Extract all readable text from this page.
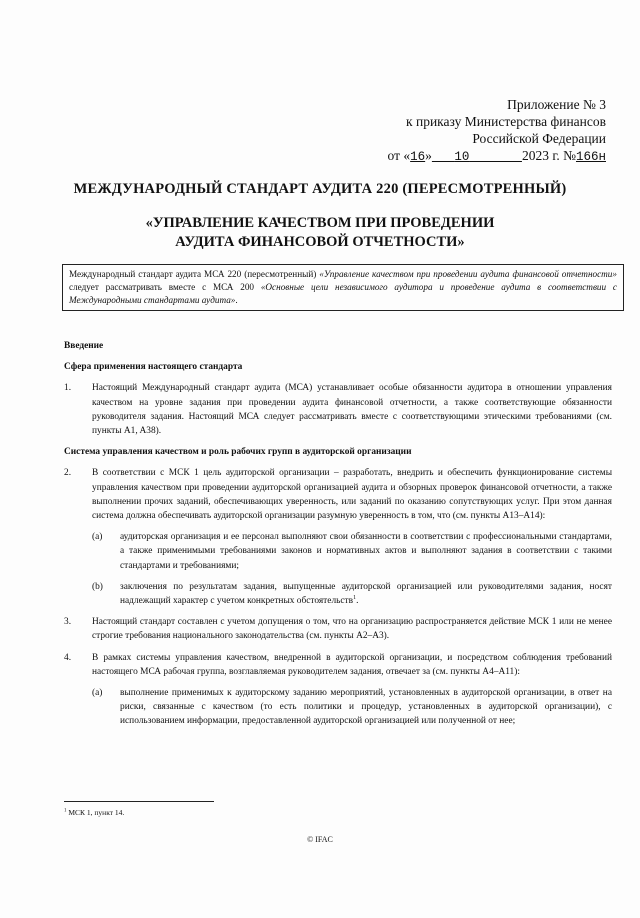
Приложение № 3
к приказу Министерства финансов
Российской Федерации
от «16» 10	2023 г. №166н
МЕЖДУНАРОДНЫЙ СТАНДАРТ АУДИТА 220 (ПЕРЕСМОТРЕННЫЙ)
«УПРАВЛЕНИЕ КАЧЕСТВОМ ПРИ ПРОВЕДЕНИИ
АУДИТА ФИНАНСОВОЙ ОТЧЕТНОСТИ»
Международный стандарт аудита МСА 220 (пересмотренный) «Управление качеством при проведении аудита финансовой отчетности» следует рассматривать вместе с МСА 200 «Основные цели независимого аудитора и проведение аудита в соответствии с Международными стандартами аудита».
Введение
Сфера применения настоящего стандарта
1.	Настоящий Международный стандарт аудита (МСА) устанавливает особые обязанности аудитора в отношении управления качеством на уровне задания при проведении аудита финансовой отчетности, а также соответствующие обязанности руководителя задания. Настоящий МСА следует рассматривать вместе с соответствующими этическими требованиями (см. пункты A1, A38).
Система управления качеством и роль рабочих групп в аудиторской организации
2.	В соответствии с МСК 1 цель аудиторской организации – разработать, внедрить и обеспечить функционирование системы управления качеством при проведении аудиторской организацией аудита и обзорных проверок финансовой отчетности, а также выполнении прочих заданий, обеспечивающих уверенность, или заданий по оказанию сопутствующих услуг. При этом данная система должна обеспечивать аудиторской организации разумную уверенность в том, что (см. пункты A13–A14):
(a)	аудиторская организация и ее персонал выполняют свои обязанности в соответствии с профессиональными стандартами, а также применимыми требованиями законов и нормативных актов и выполняют задания в соответствии с такими стандартами и требованиями;
(b)	заключения по результатам задания, выпущенные аудиторской организацией или руководителями задания, носят надлежащий характер с учетом конкретных обстоятельств$^1$.
3.	Настоящий стандарт составлен с учетом допущения о том, что на организацию распространяется действие МСК 1 или не менее строгие требования национального законодательства (см. пункты A2–A3).
4.	В рамках системы управления качеством, внедренной в аудиторской организации, и посредством соблюдения требований настоящего МСА рабочая группа, возглавляемая руководителем задания, отвечает за (см. пункты A4–A11):
(a)	выполнение применимых к аудиторскому заданию мероприятий, установленных в аудиторской организации, в ответ на риски, связанные с качеством (то есть политики и процедур, установленных в аудиторской организации), с использованием информации, предоставленной аудиторской организацией или полученной от нее;
$^1$ МСК 1, пункт 14.
© IFAC
